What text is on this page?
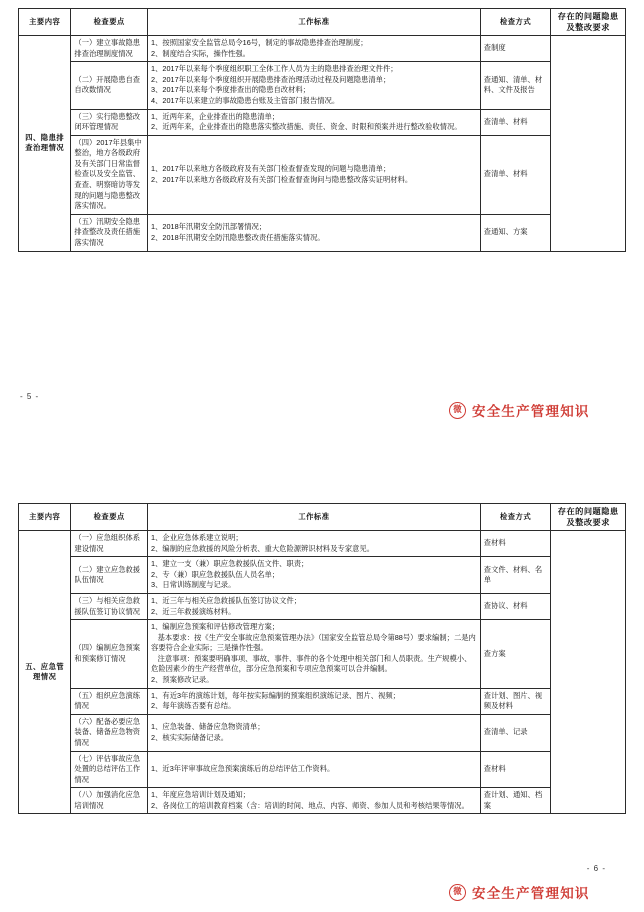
主要内容	检查要点	工作标准	检查方式	存在的问题隐患及整改要求
四、隐患排查治理情况	（一）建立事故隐患排查治理制度情况	1、按照国家安全监管总局令16号，制定的事故隐患排查治理制度；
2、制度结合实际，操作性强。	查制度	
	（二）开展隐患自查自改数情况	1、2017年以来每个季度组织职工全体工作人员为主的隐患排查治理文件件；
2、2017年以来每个季度组织开展隐患排查治理活动过程及问题隐患清单；
3、2017年以来每个季度排查出的隐患自改材料；
4、2017年以来建立的事故隐患台账及主管部门报告情况。	查通知、清单、材料、文件及报告	
	（三）实行隐患整改闭环管理情况	1、近两年来，企业排查出的隐患清单；
2、近两年来，企业排查出的隐患落实整改措施、责任、资金、时限和预案并进行整改验收情况。	查清单、材料	
	（四）2017年县集中整治，地方各级政府及有关部门日常监督检查以及安全监管、查查、明察暗访等发现的问题与隐患整改落实情况。	1、2017年以来地方各级政府及有关部门检查督查发现的问题与隐患清单；
2、2017年以来地方各级政府及有关部门检查督查询问与隐患整改落实证明材料。	查清单、材料	
	（五）汛期安全隐患排查整改及责任措施落实情况	1、2018年汛期安全防汛部署情况；
2、2018年汛期安全防汛隐患整改责任措施落实情况。	查通知、方案	
- 5 -
微 安全生产管理知识
主要内容	检查要点	工作标准	检查方式	存在的问题隐患及整改要求
五、应急管理情况	（一）应急组织体系建设情况	1、企业应急体系建立说明；
2、编制的应急救援的风险分析表、重大危险源辨识材料及专家意见。	查材料	
	（二）建立应急救援队伍情况	1、建立一支（兼）职应急救援队伍文件、职责；
2、专（兼）职应急救援队伍人员名单；
3、日常训练制度与记录。	查文件、材料、名单	
	（三）与相关应急救援队伍签订协议情况	1、近三年与相关应急救援队伍签订协议文件；
2、近三年救援演练材料。	查协议、材料	
	（四）编制应急预案和预案修订情况	1、编制应急预案和评估修改管理方案；
基本要求：按《生产安全事故应急预案管理办法》（国家安全监管总局令第88号）要求编制；二是内容要符合企业实际；三是操作性强。
注意事项：预案要明确事项、事故、事件、事件的各个处理中相关部门和人员职责。生产规模小、危险因素少的生产经营单位，部分应急预案和专项应急预案可以合并编制。
2、预案修改记录。	查方案	
	（五）组织应急演练情况	1、有近3年的演练计划，每年按实际编制的预案组织演练记录、图片、视频；
2、每年演练否要有总结。	查计划、图片、视频及材料	
	（六）配备必要应急装备、储备应急物资情况	1、应急装备、储备应急物资清单；
2、核实实际储备记录。	查清单、记录	
	（七）评估事故应急处置的总结评估工作情况	1、近3年评审事故应急预案演练后的总结评估工作资料。	查材料	
	（八）加强消化应急培训情况	1、年度应急培训计划及通知；
2、各岗位工的培训教育档案（含：培训的时间、地点、内容、师资、参加人员和考核结果等情况。	查计划、通知、档案	
- 6 -
微 安全生产管理知识
